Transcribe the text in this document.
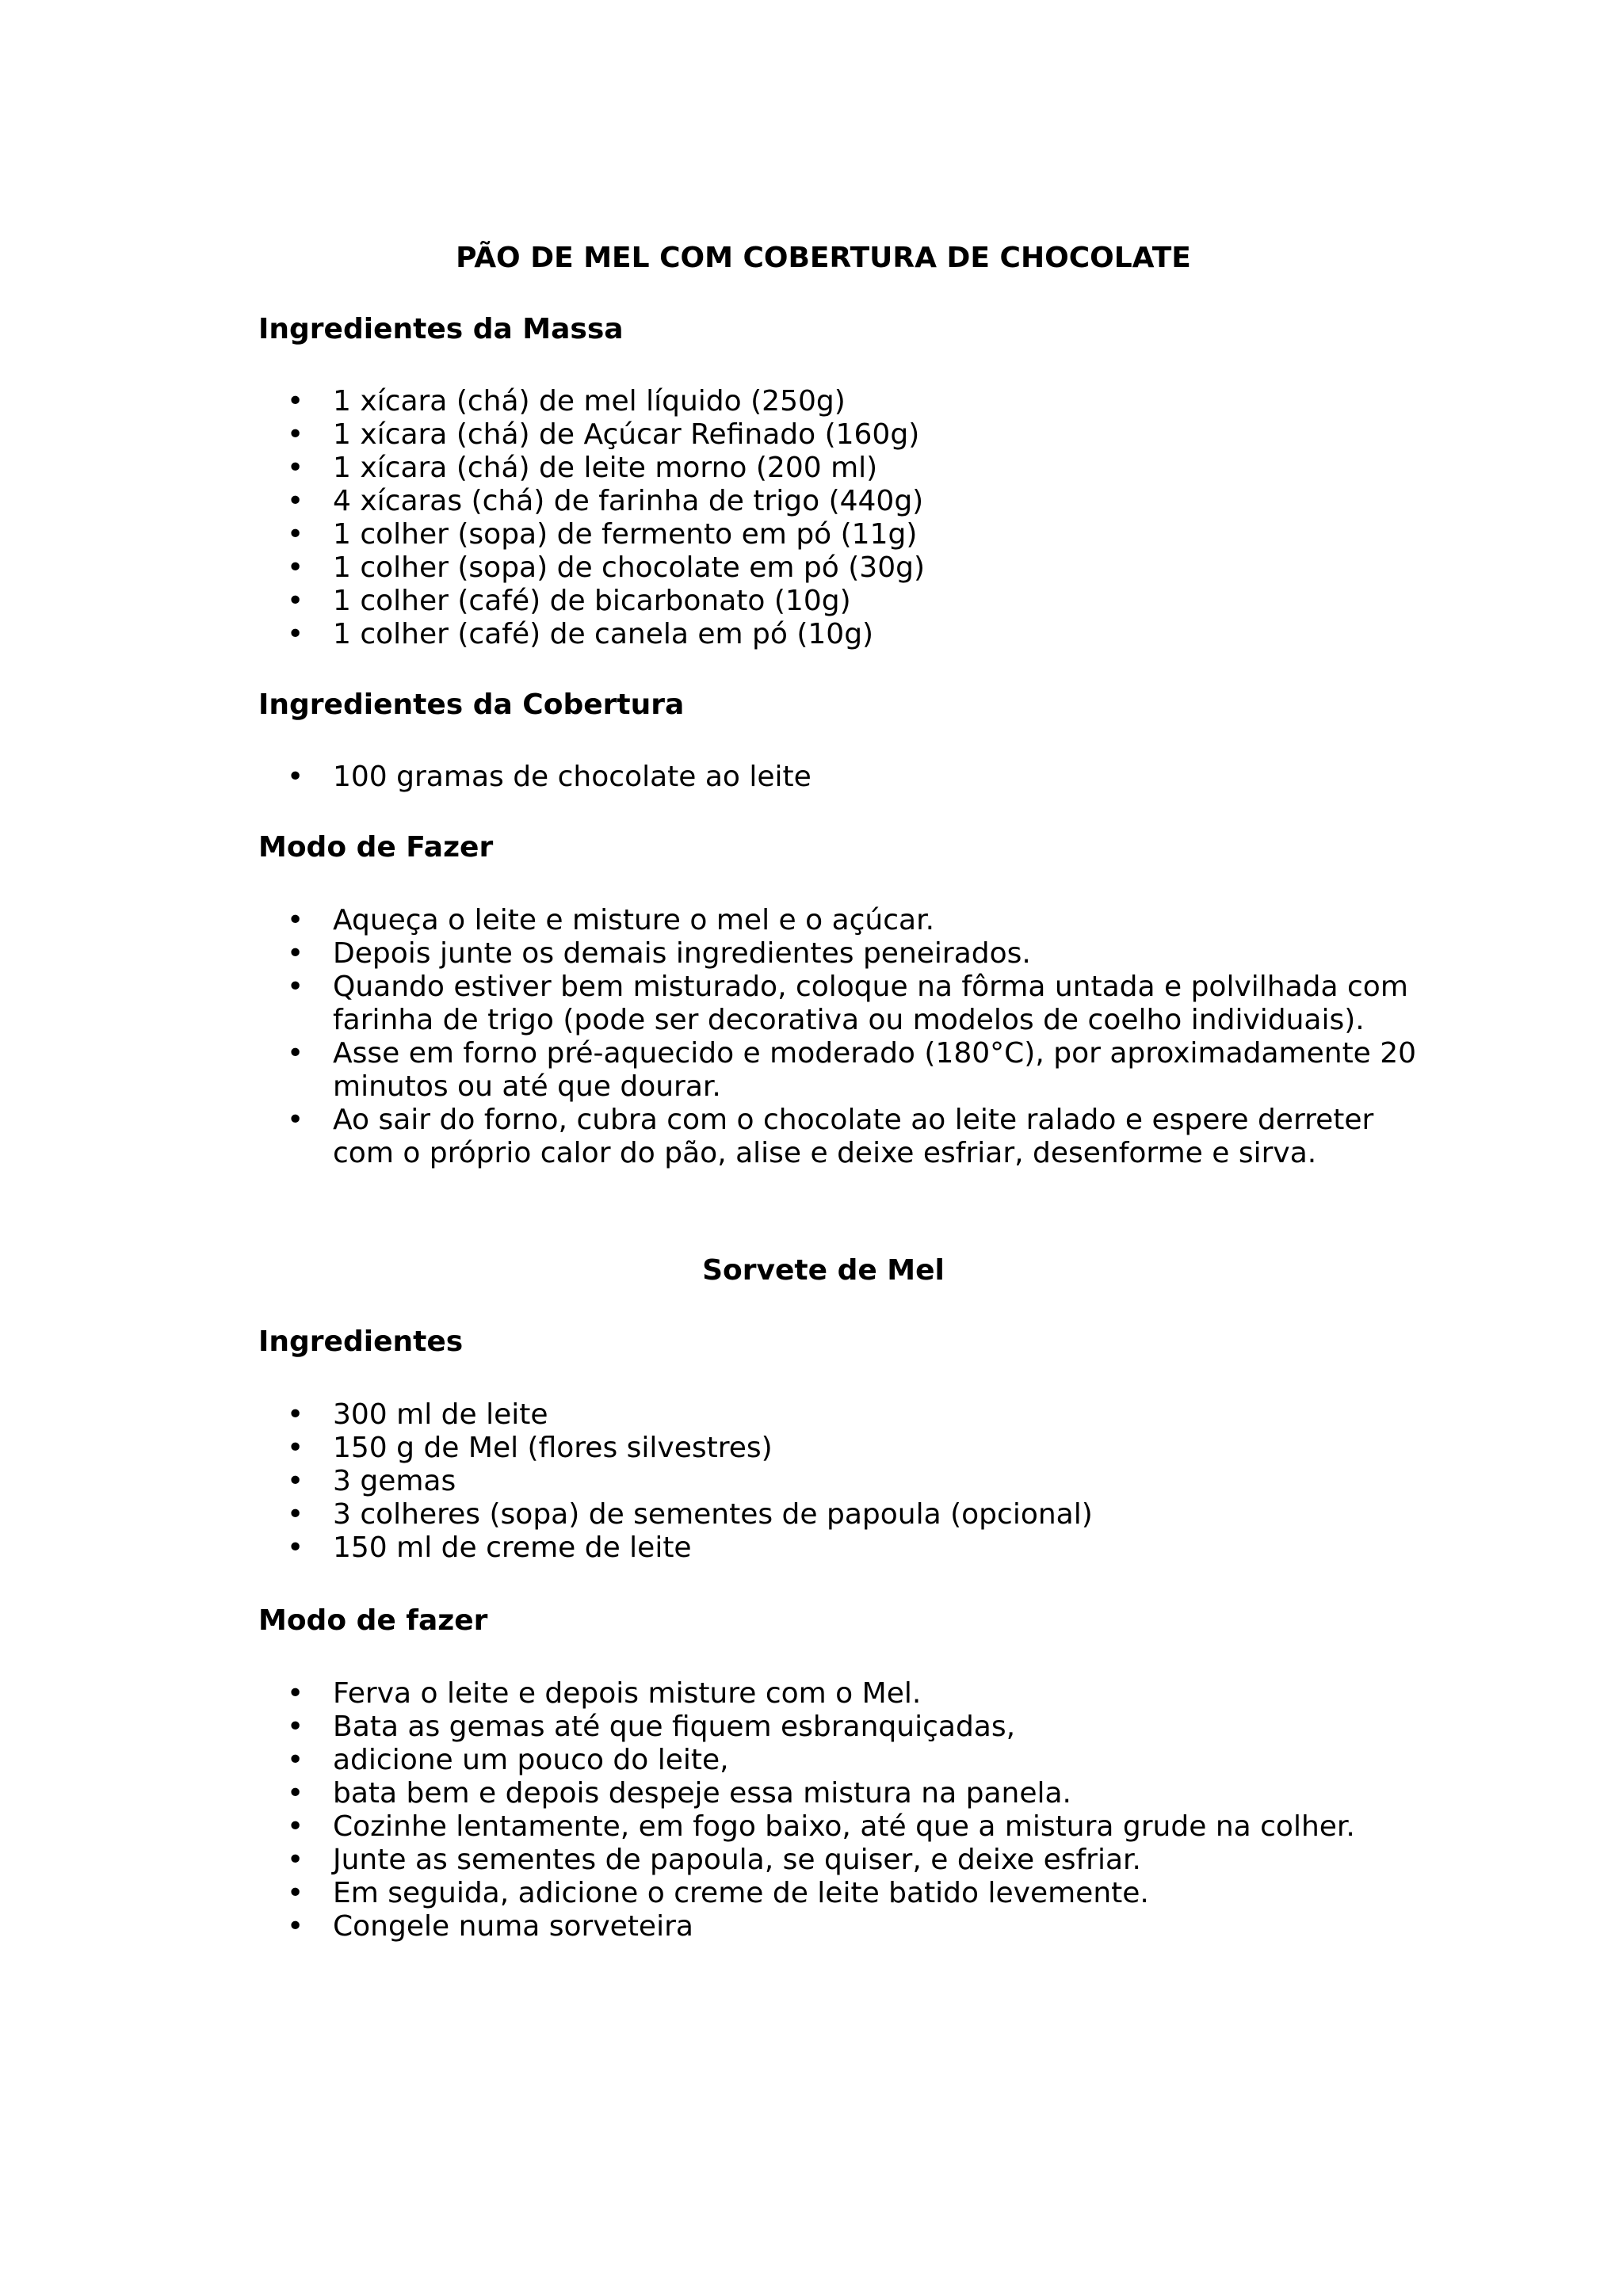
PÃO DE MEL COM COBERTURA DE CHOCOLATE
Ingredientes da Massa
• 1 xícara (chá) de mel líquido (250g)
• 1 xícara (chá) de Açúcar Refinado (160g)
• 1 xícara (chá) de leite morno (200 ml)
• 4 xícaras (chá) de farinha de trigo (440g)
• 1 colher (sopa) de fermento em pó (11g)
• 1 colher (sopa) de chocolate em pó (30g)
• 1 colher (café) de bicarbonato (10g)
• 1 colher (café) de canela em pó (10g)
Ingredientes da Cobertura
• 100 gramas de chocolate ao leite
Modo de Fazer
• Aqueça o leite e misture o mel e o açúcar.
• Depois junte os demais ingredientes peneirados.
• Quando estiver bem misturado, coloque na fôrma untada e polvilhada com farinha de trigo (pode ser decorativa ou modelos de coelho individuais).
• Asse em forno pré-aquecido e moderado (180°C), por aproximadamente 20 minutos ou até que dourar.
• Ao sair do forno, cubra com o chocolate ao leite ralado e espere derreter com o próprio calor do pão, alise e deixe esfriar, desenforme e sirva.
Sorvete de Mel
Ingredientes
• 300 ml de leite
• 150 g de Mel (flores silvestres)
• 3 gemas
• 3 colheres (sopa) de sementes de papoula (opcional)
• 150 ml de creme de leite
Modo de fazer
• Ferva o leite e depois misture com o Mel.
• Bata as gemas até que fiquem esbranquiçadas,
• adicione um pouco do leite,
• bata bem e depois despeje essa mistura na panela.
• Cozinhe lentamente, em fogo baixo, até que a mistura grude na colher.
• Junte as sementes de papoula, se quiser, e deixe esfriar.
• Em seguida, adicione o creme de leite batido levemente.
• Congele numa sorveteira
